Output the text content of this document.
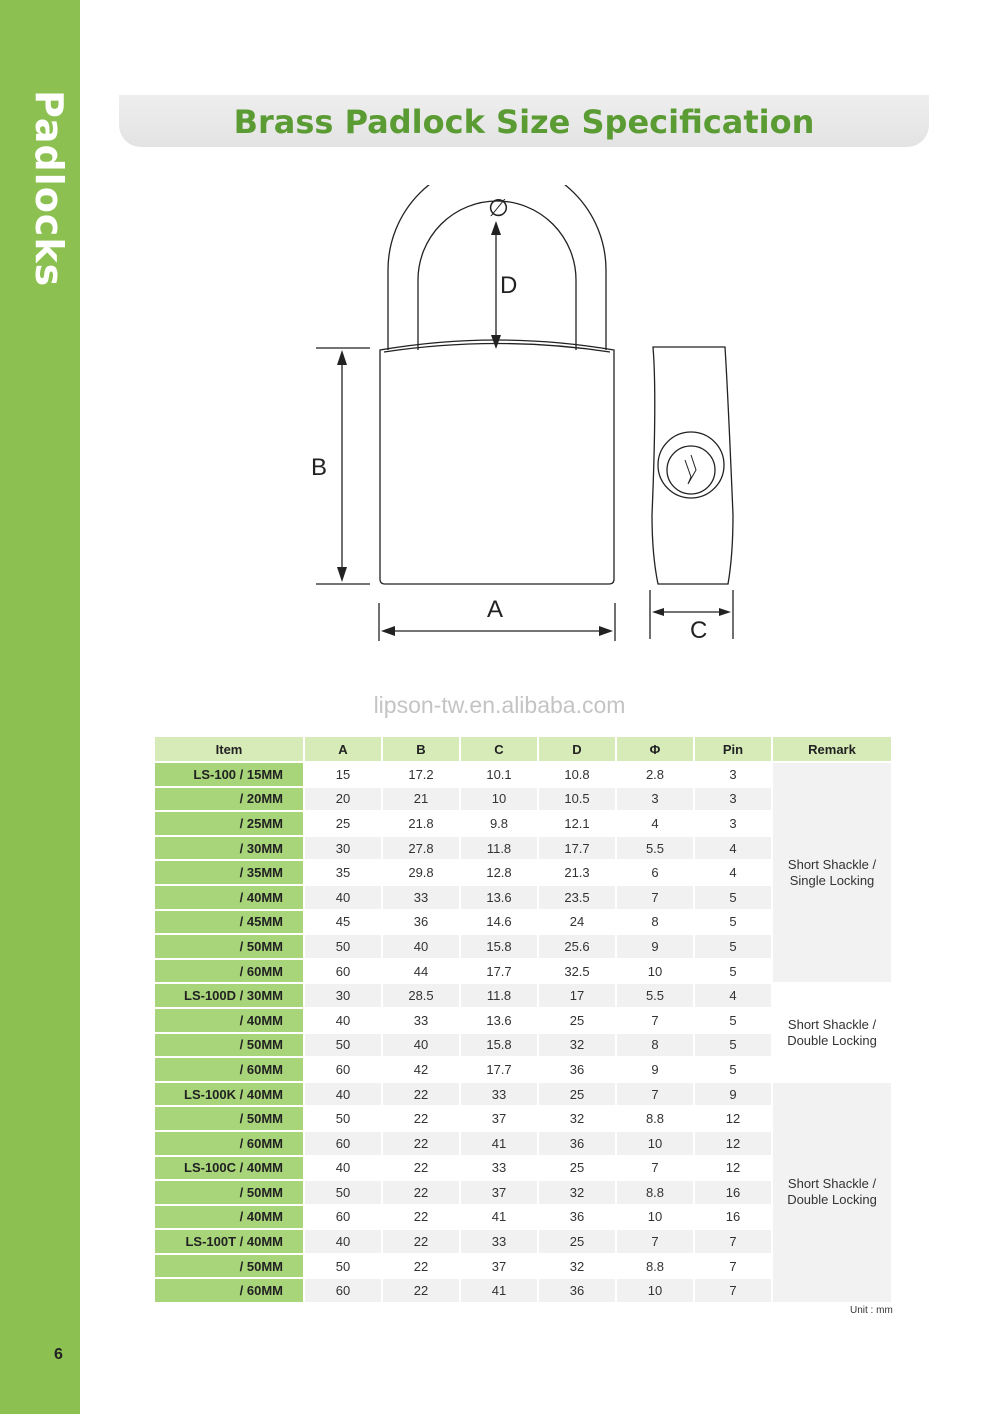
Padlocks
6
Brass Padlock Size Specification
∅
D
B
A
C
lipson-tw.en.alibaba.com
Item	A	B	C	D	Φ	Pin	Remark
LS-100 / 15MM	15	17.2	10.1	10.8	2.8	3	Short Shackle /
Single Locking

/ 20MM	20	21	10	10.5	3	3	
/ 25MM	25	21.8	9.8	12.1	4	3	
/ 30MM	30	27.8	11.8	17.7	5.5	4	
/ 35MM	35	29.8	12.8	21.3	6	4	
/ 40MM	40	33	13.6	23.5	7	5	
/ 45MM	45	36	14.6	24	8	5	
/ 50MM	50	40	15.8	25.6	9	5	
/ 60MM	60	44	17.7	32.5	10	5	
LS-100D / 30MM	30	28.5	11.8	17	5.5	4	Short Shackle /
Double Locking

/ 40MM	40	33	13.6	25	7	5	
/ 50MM	50	40	15.8	32	8	5	
/ 60MM	60	42	17.7	36	9	5	
LS-100K / 40MM	40	22	33	25	7	9	Short Shackle /
Double Locking

/ 50MM	50	22	37	32	8.8	12	
/ 60MM	60	22	41	36	10	12	
LS-100C / 40MM	40	22	33	25	7	12	
/ 50MM	50	22	37	32	8.8	16	
/ 40MM	60	22	41	36	10	16	
LS-100T / 40MM	40	22	33	25	7	7	
/ 50MM	50	22	37	32	8.8	7	
/ 60MM	60	22	41	36	10	7	
Unit : mm
